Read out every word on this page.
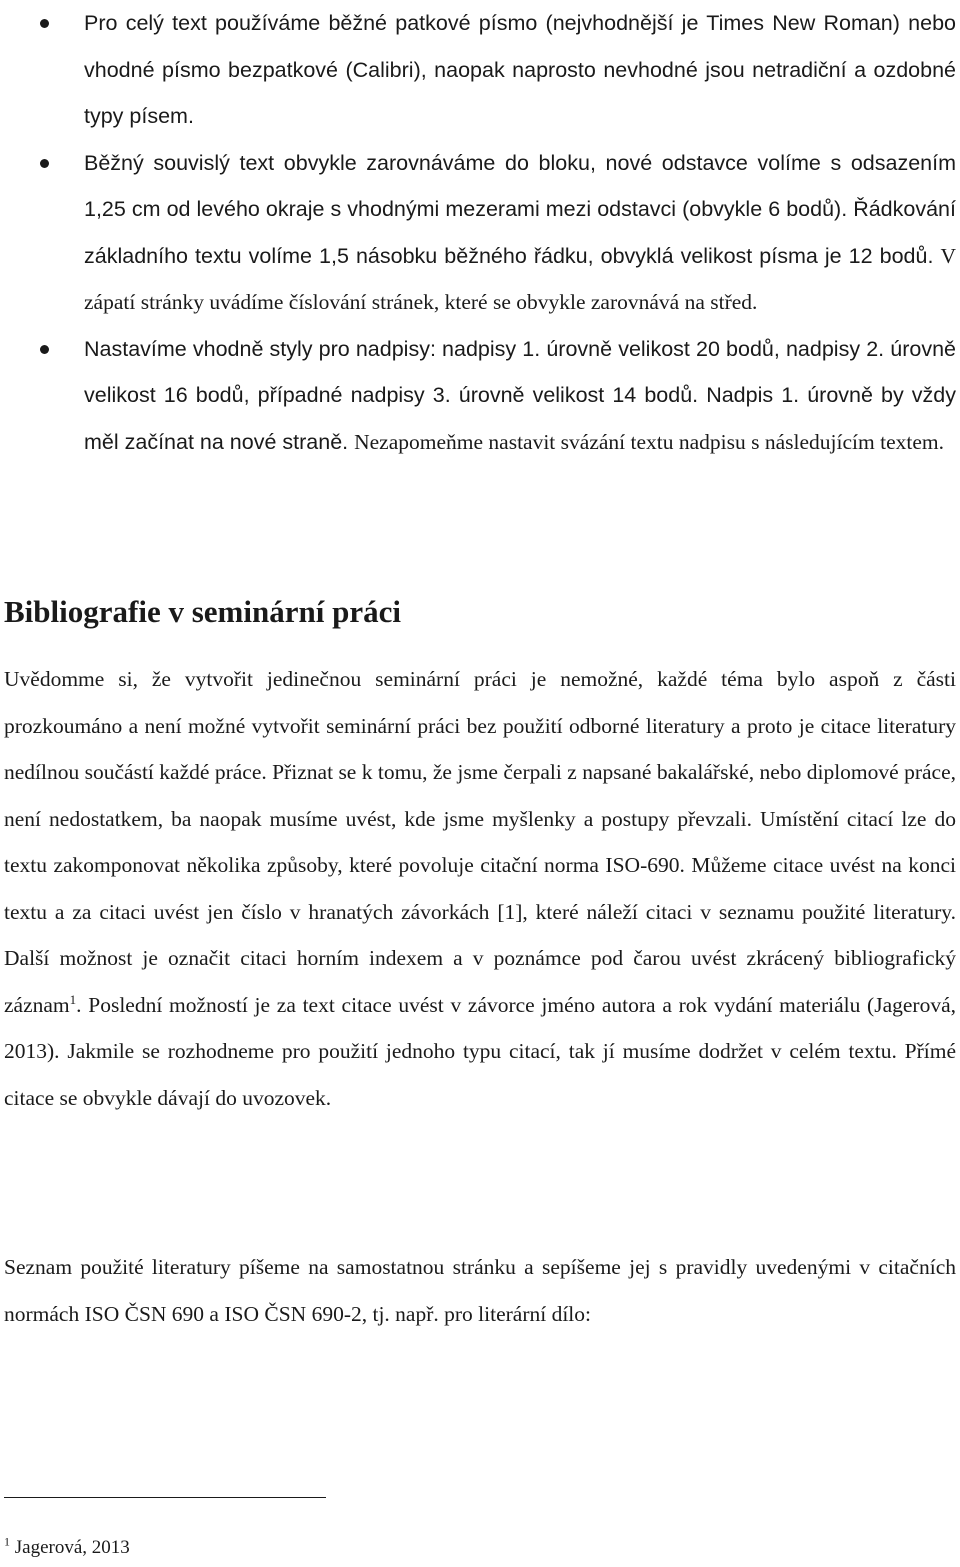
Pro celý text používáme běžné patkové písmo (nejvhodnější je Times New Roman) nebo vhodné písmo bezpatkové (Calibri), naopak naprosto nevhodné jsou netradiční a ozdobné typy písem.
Běžný souvislý text obvykle zarovnáváme do bloku, nové odstavce volíme s odsazením 1,25 cm od levého okraje s vhodnými mezerami mezi odstavci (obvykle 6 bodů). Řádkování základního textu volíme 1,5 násobku běžného řádku, obvyklá velikost písma je 12 bodů. V zápatí stránky uvádíme číslování stránek, které se obvykle zarovnává na střed.
Nastavíme vhodně styly pro nadpisy: nadpisy 1. úrovně velikost 20 bodů, nadpisy 2. úrovně velikost 16 bodů, případné nadpisy 3. úrovně velikost 14 bodů. Nadpis 1. úrovně by vždy měl začínat na nové straně. Nezapomeňme nastavit svázání textu nadpisu s následujícím textem.
Bibliografie v seminární práci

Uvědomme si, že vytvořit jedinečnou seminární práci je nemožné, každé téma bylo aspoň z části prozkoumáno a není možné vytvořit seminární práci bez použití odborné literatury a proto je citace literatury nedílnou součástí každé práce. Přiznat se k tomu, že jsme čerpali z napsané bakalářské, nebo diplomové práce, není nedostatkem, ba naopak musíme uvést, kde jsme myšlenky a postupy převzali. Umístění citací lze do textu zakomponovat několika způsoby, které povoluje citační norma ISO-690. Můžeme citace uvést na konci textu a za citaci uvést jen číslo v hranatých závorkách [1], které náleží citaci v seznamu použité literatury. Další možnost je označit citaci horním indexem a v poznámce pod čarou uvést zkrácený bibliografický záznam$^1$. Poslední možností je za text citace uvést v závorce jméno autora a rok vydání materiálu (Jagerová, 2013). Jakmile se rozhodneme pro použití jednoho typu citací, tak jí musíme dodržet v celém textu. Přímé citace se obvykle dávají do uvozovek.

Seznam použité literatury píšeme na samostatnou stránku a sepíšeme jej s pravidly uvedenými v citačních normách ISO ČSN 690 a ISO ČSN 690-2, tj. např. pro literární dílo:

$^1$ Jagerová, 2013
